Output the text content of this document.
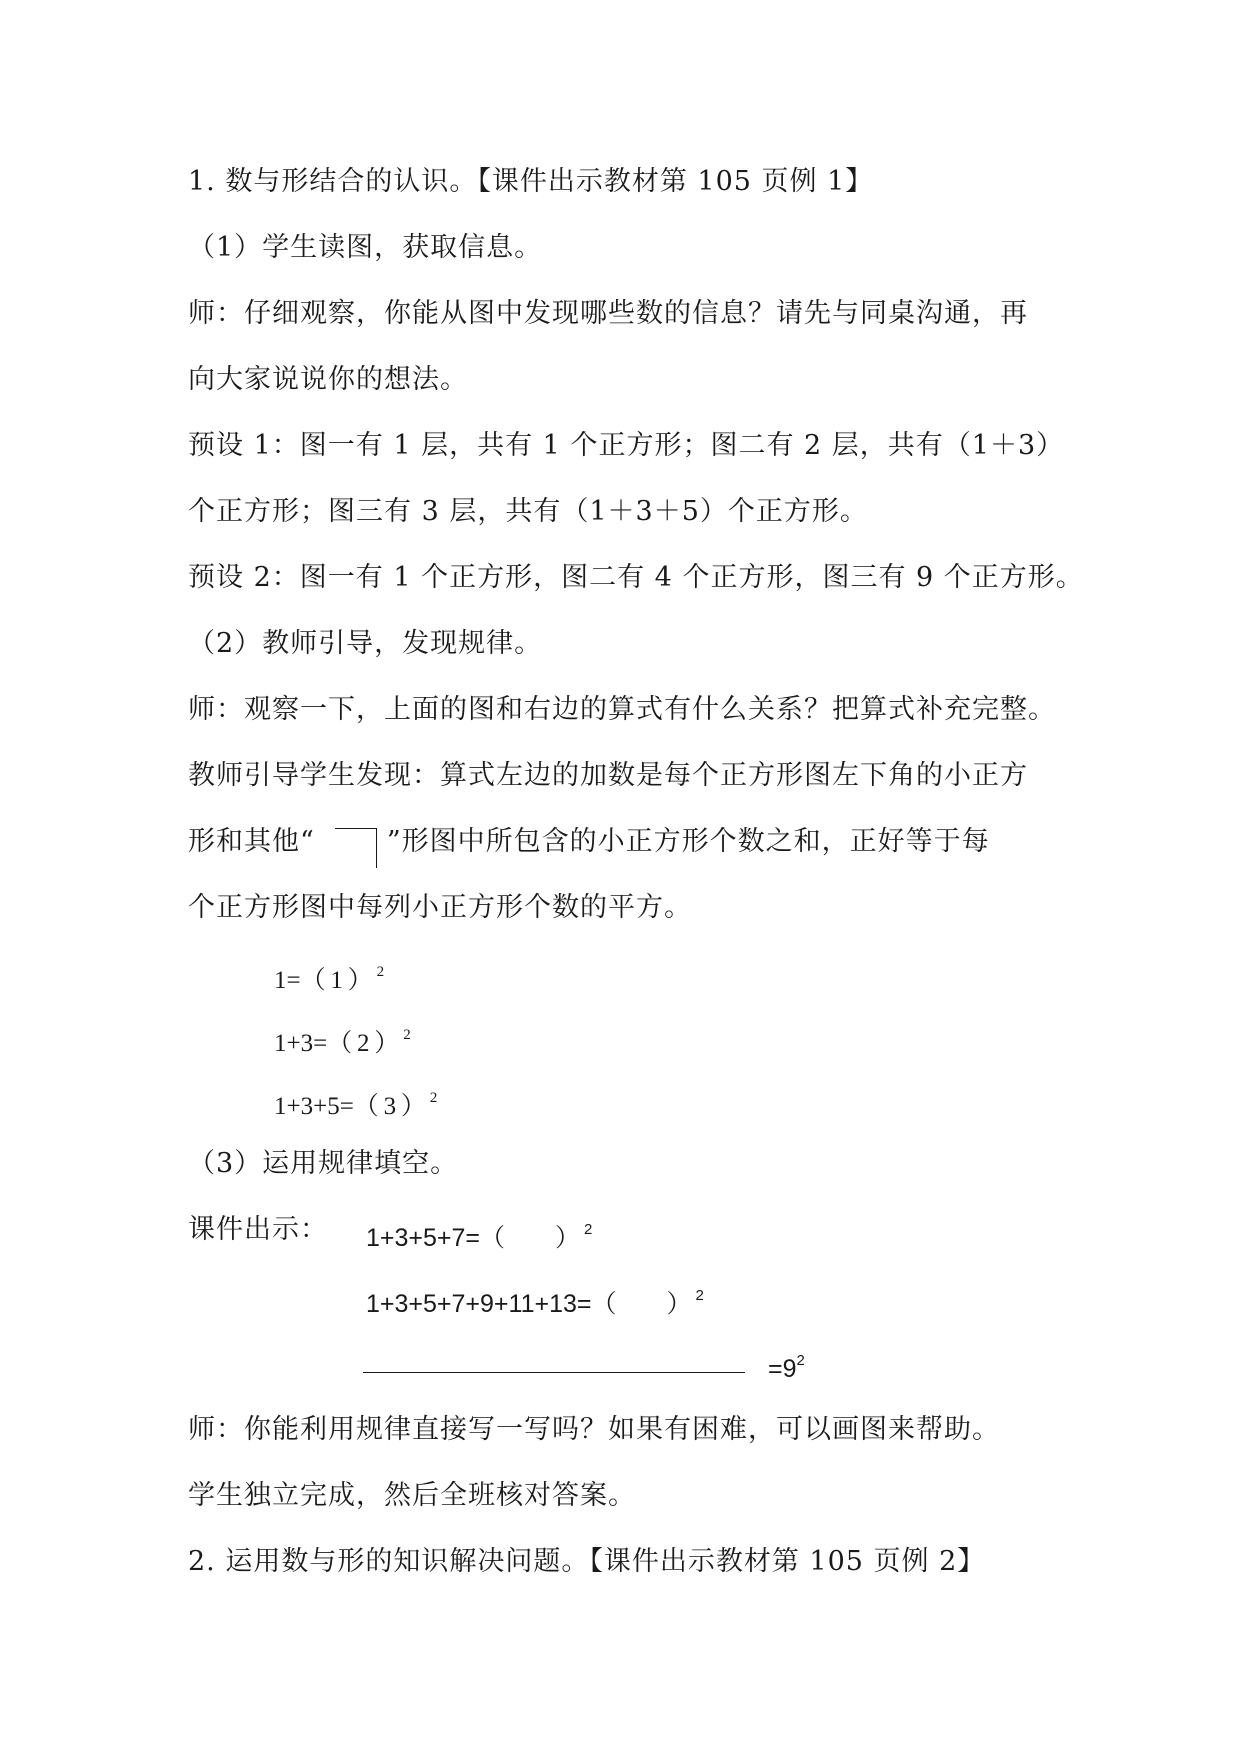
1. 数与形结合的认识。【课件出示教材第 105 页例 1】
（1）学生读图，获取信息。
师：仔细观察，你能从图中发现哪些数的信息？请先与同桌沟通，再
向大家说说你的想法。
预设 1：图一有 1 层，共有 1 个正方形；图二有 2 层，共有（1＋3）
个正方形；图三有 3 层，共有（1＋3＋5）个正方形。
预设 2：图一有 1 个正方形，图二有 4 个正方形，图三有 9 个正方形。
（2）教师引导，发现规律。
师：观察一下，上面的图和右边的算式有什么关系？把算式补充完整。
教师引导学生发现：算式左边的加数是每个正方形图左下角的小正方
形和其他“	”形图中所包含的小正方形个数之和，正好等于每
个正方形图中每列小正方形个数的平方。
1=（ 1 ） $^2$
1+3=（ 2 ） $^2$
1+3+5=（ 3 ） $^2$
（3）运用规律填空。
课件出示： 1+3+5+7=（　　） $^2$
1+3+5+7+9+11+13=（　　） $^2$
$=9^2$
师：你能利用规律直接写一写吗？如果有困难，可以画图来帮助。
学生独立完成，然后全班核对答案。
2. 运用数与形的知识解决问题。【课件出示教材第 105 页例 2】
